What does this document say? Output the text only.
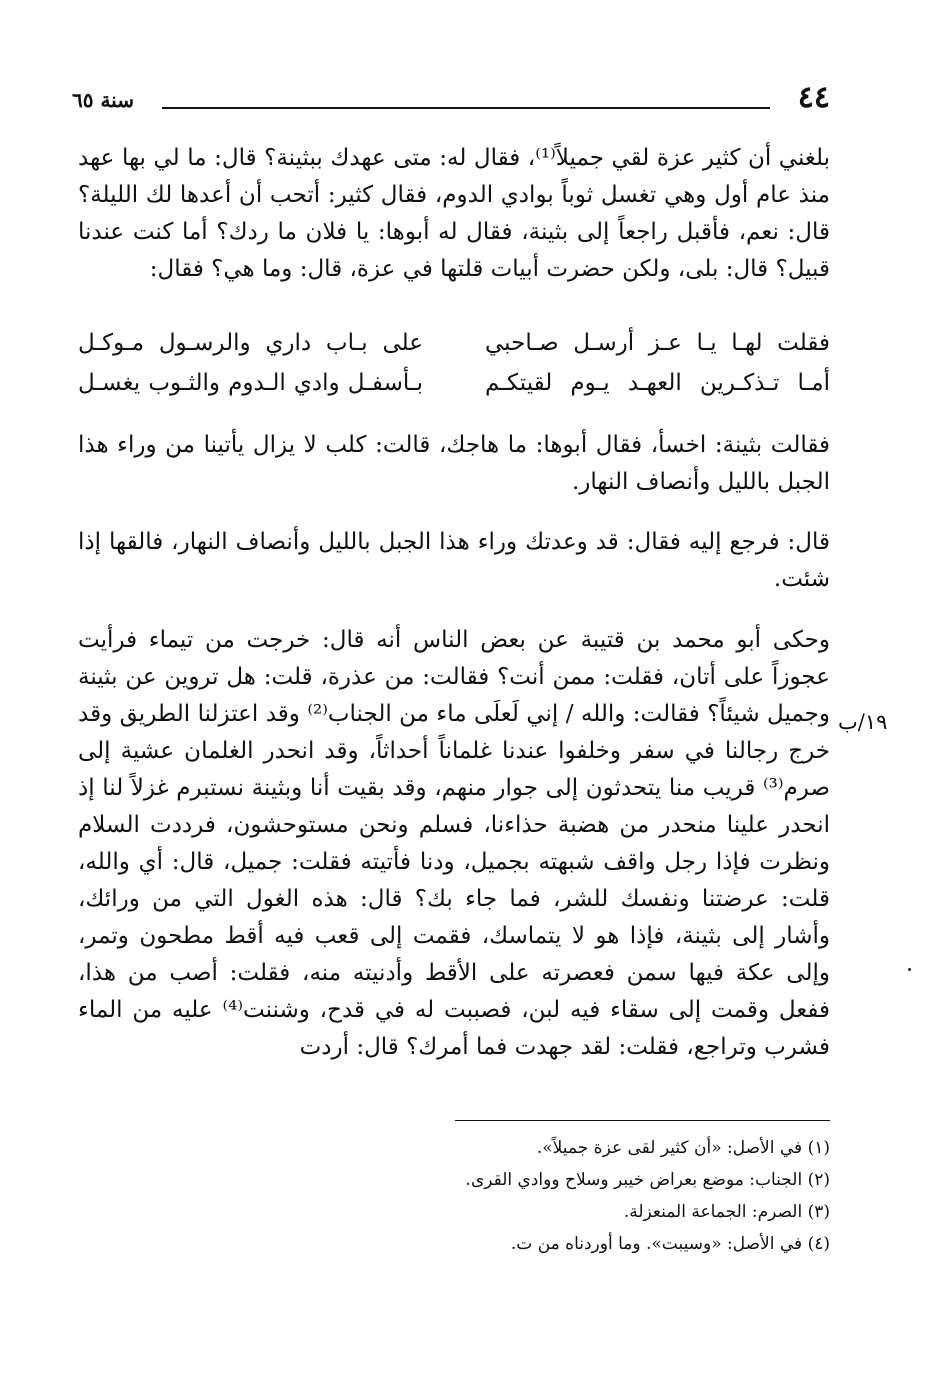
٤٤
سنة ٦٥

بلغني أن كثير عزة لقي جميلاً⁽¹⁾، فقال له: متى عهدك ببثينة؟ قال: ما لي بها عهد منذ عام أول وهي تغسل ثوباً بوادي الدوم، فقال كثير: أتحب أن أعدها لك الليلة؟ قال: نعم، فأقبل راجعاً إلى بثينة، فقال له أبوها: يا فلان ما ردك؟ أما كنت عندنا قبيل؟ قال: بلى، ولكن حضرت أبيات قلتها في عزة، قال: وما هي؟ فقال:

فقلت لهـا يـا عـز أرسـل صـاحبي
على بـاب داري والرسـول مـوكـل
أمـا تـذكـرين العهـد يـوم لقيتكـم
بـأسفـل وادي الـدوم والثـوب يغسـل

فقالت بثينة: اخسأ، فقال أبوها: ما هاجك، قالت: كلب لا يزال يأتينا من وراء هذا الجبل بالليل وأنصاف النهار.

قال: فرجع إليه فقال: قد وعدتك وراء هذا الجبل بالليل وأنصاف النهار، فالقها إذا شئت.

وحكى أبو محمد بن قتيبة عن بعض الناس أنه قال: خرجت من تيماء فرأيت عجوزاً على أتان، فقلت: ممن أنت؟ فقالت: من عذرة، قلت: هل تروين عن بثينة وجميل شيئاً؟ فقالت: والله / إني لَعلَى ماء من الجناب⁽²⁾ وقد اعتزلنا الطريق وقد خرج رجالنا في سفر وخلفوا عندنا غلماناً أحداثاً، وقد انحدر الغلمان عشية إلى صرم⁽³⁾ قريب منا يتحدثون إلى جوار منهم، وقد بقيت أنا وبثينة نستبرم غزلاً لنا إذ انحدر علينا منحدر من هضبة حذاءنا، فسلم ونحن مستوحشون، فرددت السلام ونظرت فإذا رجل واقف شبهته بجميل، ودنا فأتيته فقلت: جميل، قال: أي والله، قلت: عرضتنا ونفسك للشر، فما جاء بك؟ قال: هذه الغول التي من ورائك، وأشار إلى بثينة، فإذا هو لا يتماسك، فقمت إلى قعب فيه أقط مطحون وتمر، وإلى عكة فيها سمن فعصرته على الأقط وأدنيته منه، فقلت: أصب من هذا، ففعل وقمت إلى سقاء فيه لبن، فصببت له في قدح، وشننت⁽⁴⁾ عليه من الماء فشرب وتراجع، فقلت: لقد جهدت فما أمرك؟ قال: أردت

١٩/ب

(١) في الأصل: «أن كثير لقى عزة جميلاً».

(٢) الجناب: موضع بعراض خيبر وسلاح ووادي القرى.

(٣) الصرم: الجماعة المنعزلة.

(٤) في الأصل: «وسيبت». وما أوردناه من ت.
